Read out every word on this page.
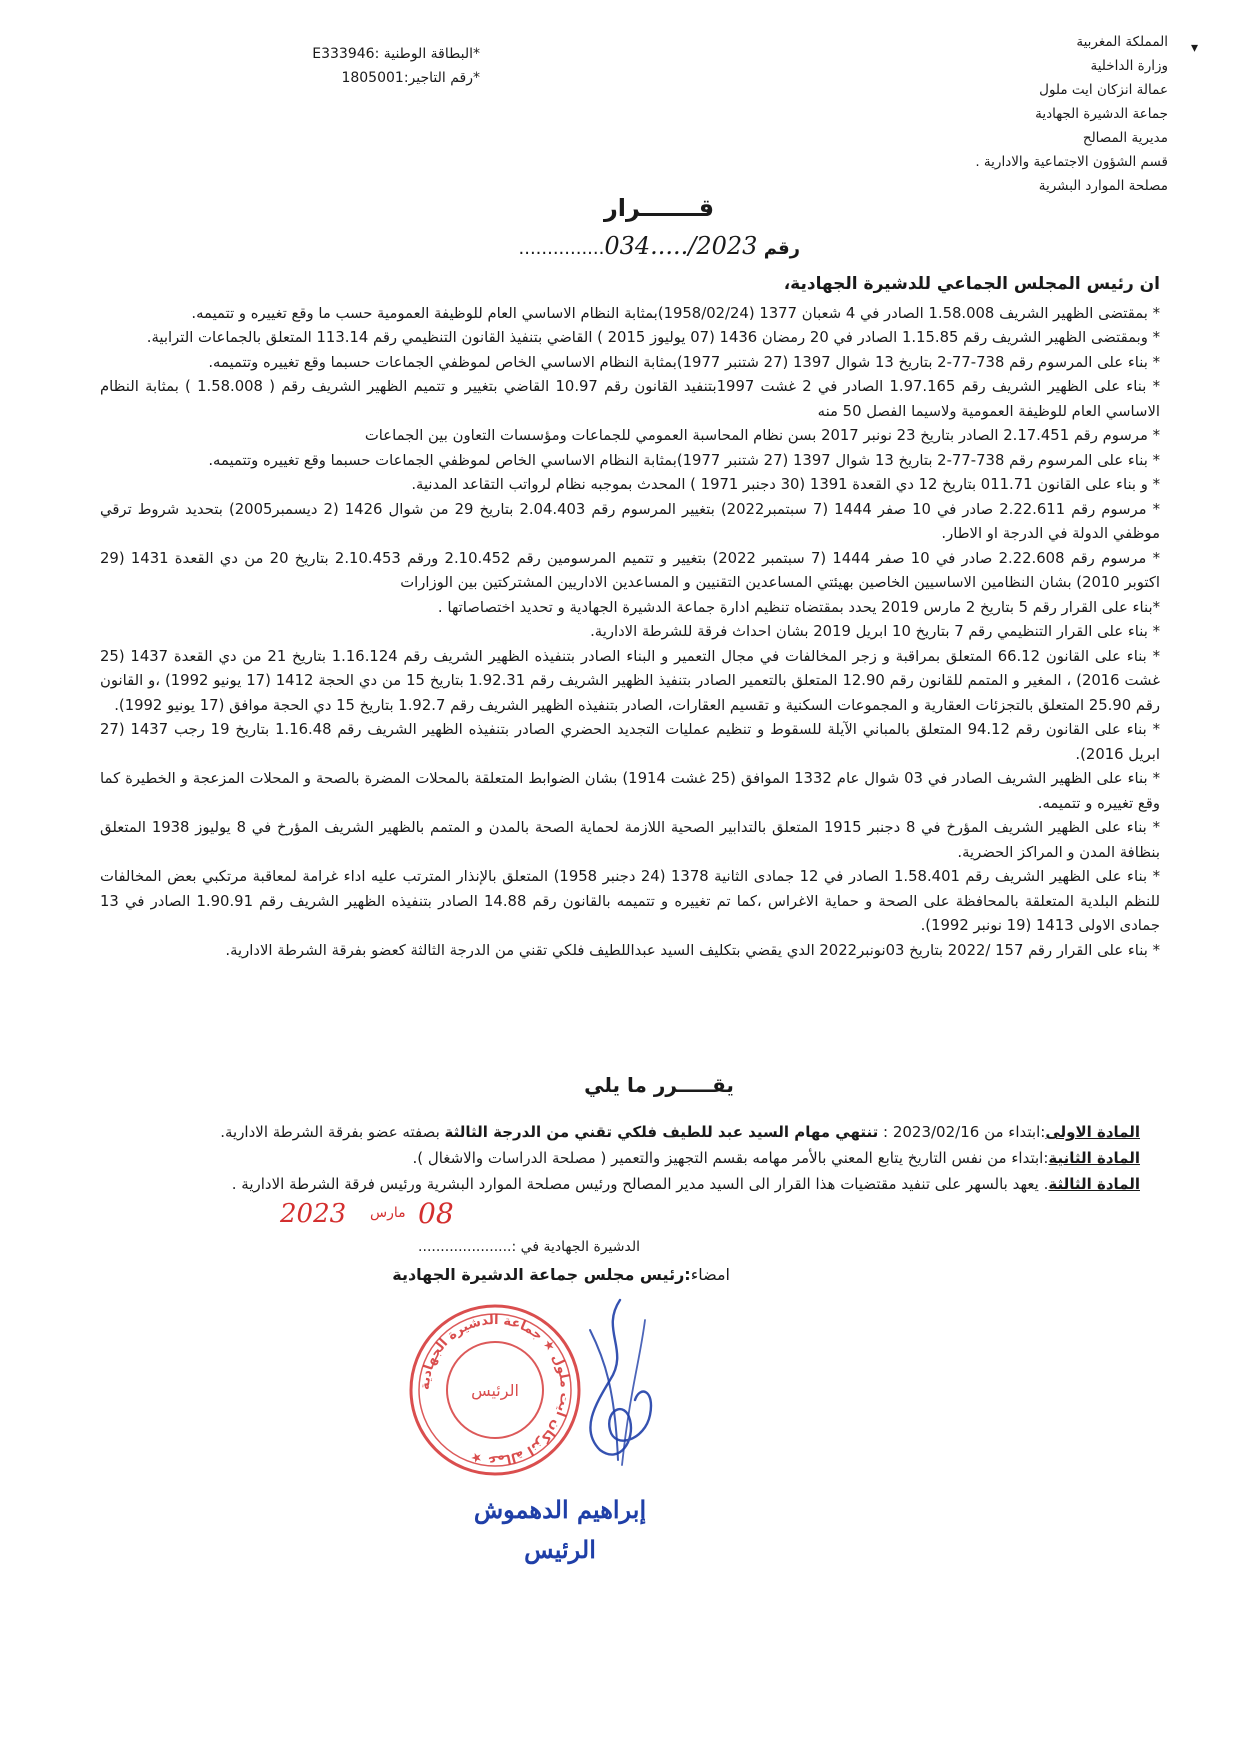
▾
المملكة المغربية
وزارة الداخلية
عمالة انزكان ايت ملول
جماعة الدشيرة الجهادية
مديرية المصالح
قسم الشؤون الاجتماعية والادارية .
مصلحة الموارد البشرية
*البطاقة الوطنية :E333946
*رقم التاجير:1805001
قـــــــرار
رقم 2023/.....034...............

ان رئيس المجلس الجماعي للدشيرة الجهادية،

* بمقتضى الظهير الشريف 1.58.008 الصادر في 4 شعبان 1377 (1958/02/24)بمثابة النظام الاساسي العام للوظيفة العمومية حسب ما وقع تغييره و تتميمه.

* وبمقتضى الظهير الشريف رقم 1.15.85 الصادر في 20 رمضان 1436 (07 يوليوز 2015 ) القاضي بتنفيذ القانون التنظيمي رقم 113.14 المتعلق بالجماعات الترابية.

* بناء على المرسوم رقم 738-77-2 بتاريخ 13 شوال 1397 (27 شتنبر 1977)بمثابة النظام الاساسي الخاص لموظفي الجماعات حسبما وقع تغييره وتتميمه.

* بناء على الظهير الشريف رقم 1.97.165 الصادر في 2 غشت 1997بتنفيد القانون رقم 10.97 القاضي بتغيير و تتميم الظهير الشريف رقم ( 1.58.008 ) بمثابة النظام الاساسي العام للوظيفة العمومية ولاسيما الفصل 50 منه

* مرسوم رقم 2.17.451 الصادر بتاريخ 23 نونبر 2017 بسن نظام المحاسبة العمومي للجماعات ومؤسسات التعاون بين الجماعات

* بناء على المرسوم رقم 738-77-2 بتاريخ 13 شوال 1397 (27 شتنبر 1977)بمثابة النظام الاساسي الخاص لموظفي الجماعات حسبما وقع تغييره وتتميمه.

* و بناء على القانون 011.71 بتاريخ 12 دي القعدة 1391 (30 دجنبر 1971 ) المحدث بموجبه نظام لرواتب التقاعد المدنية.

* مرسوم رقم 2.22.611 صادر في 10 صفر 1444 (7 سبتمبر2022) بتغيير المرسوم رقم 2.04.403 بتاريخ 29 من شوال 1426 (2 ديسمبر2005) بتحديد شروط ترقي موظفي الدولة في الدرجة او الاطار.

* مرسوم رقم 2.22.608 صادر في 10 صفر 1444 (7 سبتمبر 2022) بتغيير و تتميم المرسومين رقم 2.10.452 ورقم 2.10.453 بتاريخ 20 من دي القعدة 1431 (29 اكتوبر 2010) بشان النظامين الاساسيين الخاصين بهيئتي المساعدين التقنيين و المساعدين الاداريين المشتركتين بين الوزارات

*بناء على القرار رقم 5 بتاريخ 2 مارس 2019 يحدد بمقتضاه تنظيم ادارة جماعة الدشيرة الجهادية و تحديد اختصاصاتها .

* بناء على القرار التنظيمي رقم 7 بتاريخ 10 ابريل 2019 بشان احداث فرقة للشرطة الادارية.

* بناء على القانون 66.12 المتعلق بمراقبة و زجر المخالفات في مجال التعمير و البناء الصادر بتنفيذه الظهير الشريف رقم 1.16.124 بتاريخ 21 من دي القعدة 1437 (25 غشت 2016) ، المغير و المتمم للقانون رقم 12.90 المتعلق بالتعمير الصادر بتنفيذ الظهير الشريف رقم 1.92.31 بتاريخ 15 من دي الحجة 1412 (17 يونيو 1992) ،و القانون رقم 25.90 المتعلق بالتجزئات العقارية و المجموعات السكنية و تقسيم العقارات، الصادر بتنفيذه الظهير الشريف رقم 1.92.7 بتاريخ 15 دي الحجة موافق (17 يونيو 1992).

* بناء على القانون رقم 94.12 المتعلق بالمباني الآيلة للسقوط و تنظيم عمليات التجديد الحضري الصادر بتنفيذه الظهير الشريف رقم 1.16.48 بتاريخ 19 رجب 1437 (27 ابريل 2016).

* بناء على الظهير الشريف الصادر في 03 شوال عام 1332 الموافق (25 غشت 1914) بشان الضوابط المتعلقة بالمحلات المضرة بالصحة و المحلات المزعجة و الخطيرة كما وقع تغييره و تتميمه.

* بناء على الظهير الشريف المؤرخ في 8 دجنبر 1915 المتعلق بالتدابير الصحية اللازمة لحماية الصحة بالمدن و المتمم بالظهير الشريف المؤرخ في 8 يوليوز 1938 المتعلق بنظافة المدن و المراكز الحضرية.

* بناء على الظهير الشريف رقم 1.58.401 الصادر في 12 جمادى الثانية 1378 (24 دجنبر 1958) المتعلق بالإنذار المترتب عليه اداء غرامة لمعاقبة مرتكبي بعض المخالفات للنظم البلدية المتعلقة بالمحافظة على الصحة و حماية الاغراس ،كما تم تغييره و تتميمه بالقانون رقم 14.88 الصادر بتنفيذه الظهير الشريف رقم 1.90.91 الصادر في 13 جمادى الاولى 1413 (19 نونبر 1992).

* بناء على القرار رقم 157 /2022 بتاريخ 03نونبر2022 الدي يقضي بتكليف السيد عبداللطيف فلكي تقني من الدرجة الثالثة كعضو بفرقة الشرطة الادارية.

يقـــــرر ما يلي

المادة الاولى:ابتداء من 2023/02/16 : تنتهي مهام السيد عبد للطيف فلكي تقني من الدرجة الثالثة بصفته عضو بفرقة الشرطة الادارية.

المادة الثانية:ابتداء من نفس التاريخ يتابع المعني بالأمر مهامه بقسم التجهيز والتعمير ( مصلحة الدراسات والاشغال ).

المادة الثالثة. يعهد بالسهر على تنفيد مقتضيات هذا القرار الى السيد مدير المصالح ورئيس مصلحة الموارد البشرية ورئيس فرقة الشرطة الادارية .

2023 مارس 08
الدشيرة الجهادية في :.....................
امضاء:رئيس مجلس جماعة الدشيرة الجهادية
عمالة انزكان ايت ملول ★ جماعة الدشيرة الجهادية ★
الرئيس
إبراهيم الدهموش
الرئيس
